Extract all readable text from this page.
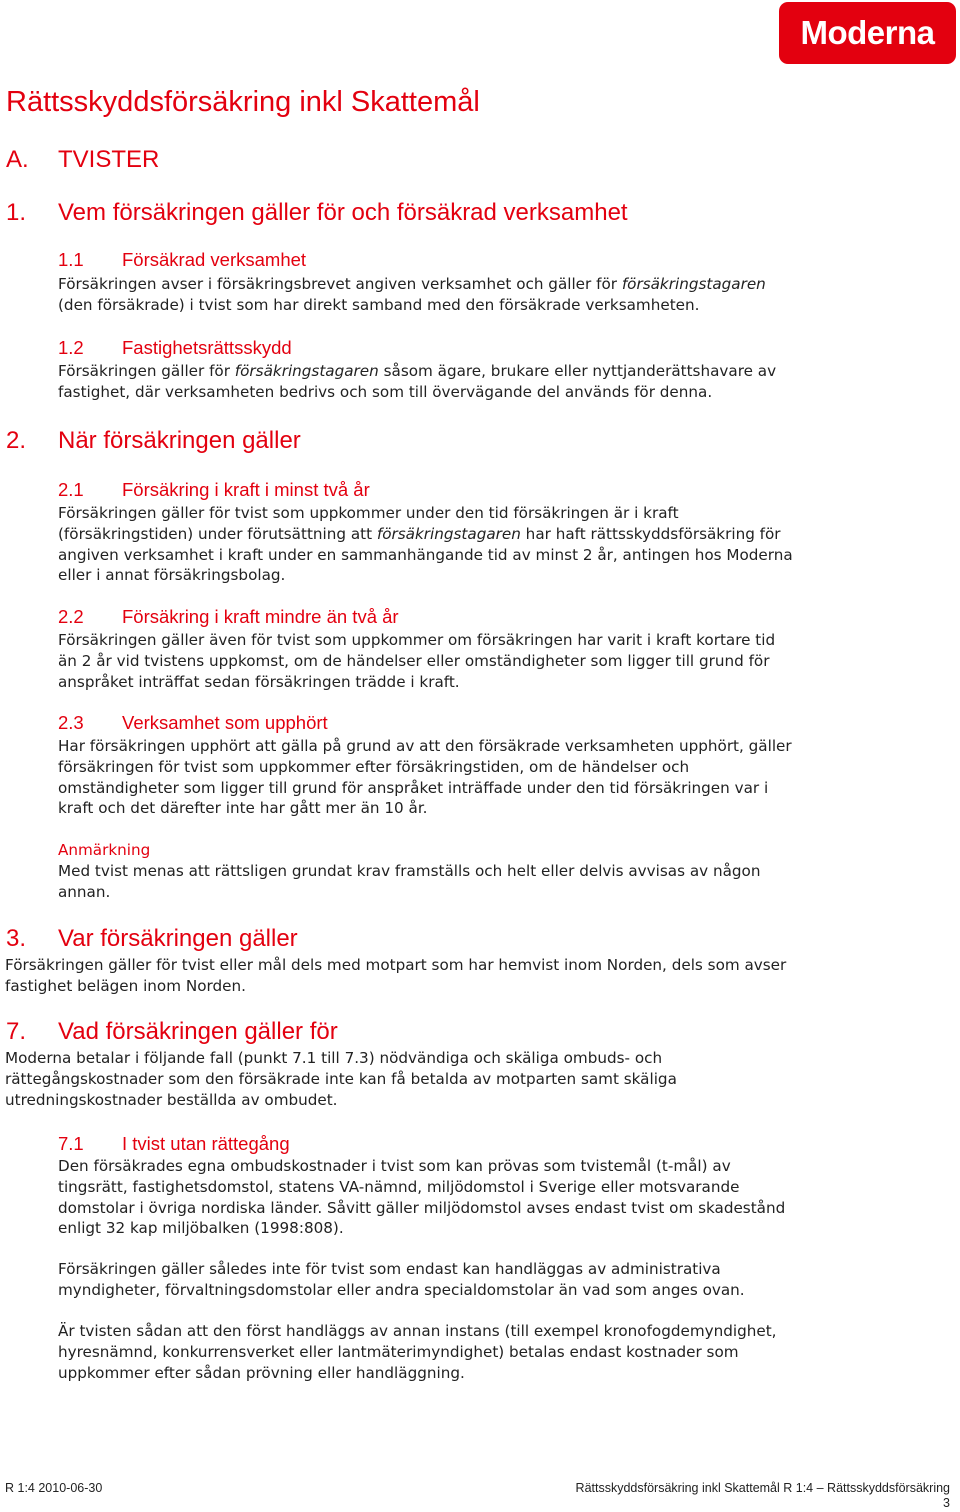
Moderna
Rättsskyddsförsäkring inkl Skattemål
A. TVISTER
1. Vem försäkringen gäller för och försäkrad verksamhet
1.1 Försäkrad verksamhet
Försäkringen avser i försäkringsbrevet angiven verksamhet och gäller för försäkringstagaren
(den försäkrade) i tvist som har direkt samband med den försäkrade verksamheten.
1.2 Fastighetsrättsskydd
Försäkringen gäller för försäkringstagaren såsom ägare, brukare eller nyttjanderättshavare av
fastighet, där verksamheten bedrivs och som till övervägande del används för denna.
2. När försäkringen gäller
2.1 Försäkring i kraft i minst två år
Försäkringen gäller för tvist som uppkommer under den tid försäkringen är i kraft
(försäkringstiden) under förutsättning att försäkringstagaren har haft rättsskyddsförsäkring för
angiven verksamhet i kraft under en sammanhängande tid av minst 2 år, antingen hos Moderna
eller i annat försäkringsbolag.
2.2 Försäkring i kraft mindre än två år
Försäkringen gäller även för tvist som uppkommer om försäkringen har varit i kraft kortare tid
än 2 år vid tvistens uppkomst, om de händelser eller omständigheter som ligger till grund för
anspråket inträffat sedan försäkringen trädde i kraft.
2.3 Verksamhet som upphört
Har försäkringen upphört att gälla på grund av att den försäkrade verksamheten upphört, gäller
försäkringen för tvist som uppkommer efter försäkringstiden, om de händelser och
omständigheter som ligger till grund för anspråket inträffade under den tid försäkringen var i
kraft och det därefter inte har gått mer än 10 år.
Anmärkning
Med tvist menas att rättsligen grundat krav framställs och helt eller delvis avvisas av någon
annan.
3. Var försäkringen gäller
Försäkringen gäller för tvist eller mål dels med motpart som har hemvist inom Norden, dels som avser
fastighet belägen inom Norden.
7. Vad försäkringen gäller för
Moderna betalar i följande fall (punkt 7.1 till 7.3) nödvändiga och skäliga ombuds- och
rättegångskostnader som den försäkrade inte kan få betalda av motparten samt skäliga
utredningskostnader beställda av ombudet.
7.1 I tvist utan rättegång
Den försäkrades egna ombudskostnader i tvist som kan prövas som tvistemål (t-mål) av
tingsrätt, fastighetsdomstol, statens VA-nämnd, miljödomstol i Sverige eller motsvarande
domstolar i övriga nordiska länder. Såvitt gäller miljödomstol avses endast tvist om skadestånd
enligt 32 kap miljöbalken (1998:808).
Försäkringen gäller således inte för tvist som endast kan handläggas av administrativa
myndigheter, förvaltningsdomstolar eller andra specialdomstolar än vad som anges ovan.
Är tvisten sådan att den först handläggs av annan instans (till exempel kronofogdemyndighet,
hyresnämnd, konkurrensverket eller lantmäterimyndighet) betalas endast kostnader som
uppkommer efter sådan prövning eller handläggning.
R 1:4 2010-06-30	Rättsskyddsförsäkring inkl Skattemål R 1:4 – Rättsskyddsförsäkring
3
